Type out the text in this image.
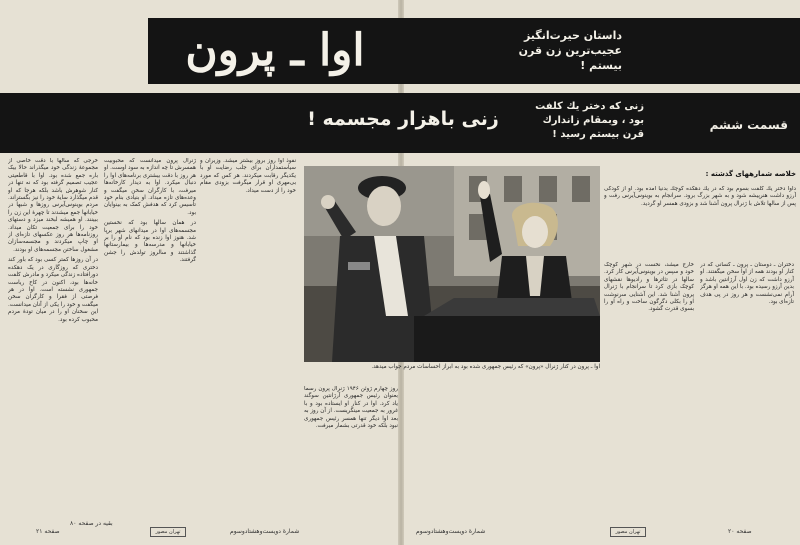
اوا ـ پرون	داستان حیرت‌انگیز
عجیب‌ترین زن قرن
بیستم !
زنی باهزار مجسمه !
زنی که دختر یك کلفت
بود ، وبمقام زاندارك
قرن بیستم رسید !
قسمت ششم

خرجی که سالها با دقت خاصی از مجموعهٔ زندگی خود میگذراند حالا بیک باره جمع شده بود. اوا با قاطعیتی عجیب تصمیم گرفته بود که نه تنها در کنار شوهرش باشد بلکه هرجا که او قدم میگذارد سایهٔ خود را نیز بگستراند. مردم بوینوس‌آیرس روزها و شبها در خیابانها جمع میشدند تا چهرهٔ این زن را ببینند. او همیشه لبخند میزد و دستهای خود را برای جمعیت تکان میداد. روزنامه‌ها هر روز عکسهای تازه‌ای از او چاپ میکردند و مجسمه‌سازان مشغول ساختن مجسمه‌های او بودند.

در آن روزها کمتر کسی بود که باور کند دختری که روزگاری در یک دهکده دورافتاده زندگی میکرد و مادرش کلفت خانه‌ها بود، اکنون در کاخ ریاست جمهوری نشسته است. اوا در هر فرصتی از فقرا و کارگران سخن میگفت و خود را یکی از آنان میدانست. این سخنان او را در میان تودهٔ مردم محبوب کرده بود.

ژنرال پرون میدانست که محبوبیت همسرش تا چه اندازه به سود اوست. او هر روز با دقت بیشتری برنامه‌های اوا را دنبال میکرد. اوا به دیدار کارخانه‌ها میرفت، با کارگران سخن میگفت و وعده‌های تازه میداد. او بنیادی بنام خود تأسیس کرد که هدفش کمک به بینوایان بود.

در همان سالها بود که نخستین مجسمه‌های اوا در میدانهای شهر برپا شد. هنوز اوا زنده بود که نام او را بر خیابانها و مدرسه‌ها و بیمارستانها گذاشتند و سالروز تولدش را جشن گرفتند.

نفوذ اوا روز بروز بیشتر میشد. وزیران و سیاستمداران برای جلب رضایت او با یکدیگر رقابت میکردند. هر کس که مورد بی‌مهری او قرار میگرفت بزودی مقام خود را از دست میداد.

اوا ـ پرون در کنار ژنرال «پرون» که رئیس جمهوری شده بود به ابراز احساسات مردم جواب میدهد.

روز چهارم ژوئن ۱۹۴۶ ژنرال پرون رسماً بعنوان رئیس جمهوری آرژانتین سوگند یاد کرد. اوا در کنار او ایستاده بود و با غرور به جمعیت مینگریست. از آن روز به بعد اوا دیگر تنها همسر رئیس جمهوری نبود بلکه خود قدرتی بشمار میرفت.

خلاصه شمارههای گذشته :
داوا دختر یك کلفت بسوم بود که در یك دهکده کوچك بدنیا آمده بود. او از کودکی آرزو داشت هنرپیشه شود و به شهر بزرگ برود. سرانجام به بوینوس‌آیرس رفت و پس از سالها تلاش با ژنرال پرون آشنا شد و بزودی همسر او گردید.

خارج میشد، نخست در شهر کوچک خود و سپس در بوینوس‌آیرس کار کرد. سالها در تئاترها و رادیوها نقشهای کوچک بازی کرد تا سرانجام با ژنرال پرون آشنا شد. این آشنایی سرنوشت او را بکلی دگرگون ساخت و راه او را بسوی قدرت گشود.

دختران ـ دوستان ـ پرون ـ کسانی که در کنار او بودند همه از اوا سخن میگفتند. او آرزو داشت که زن اول آرژانتین باشد و بدین آرزو رسیده بود. با این همه او هرگز آرام نمی‌نشست و هر روز در پی هدف تازه‌ای بود.

صفحه ۲۱
بقیه در صفحه ۸۰
شمارهٔ دویست‌وهشتادوسوم
تهران مصور	شمارهٔ دویست‌وهشتادوسوم	تهران مصور	صفحه ۲۰
